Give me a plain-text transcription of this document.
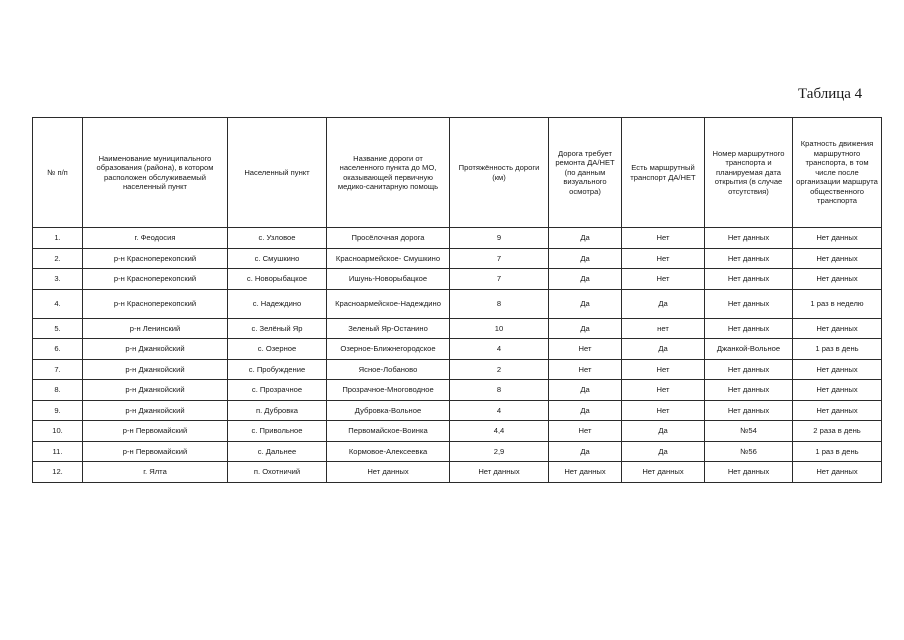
Таблица 4
№ п/п	Наименование муниципального образования (района), в котором расположен обслуживаемый населенный пункт	Населенный пункт	Название дороги от населенного пункта до МО, оказывающей первичную медико-санитарную помощь	Протяжённость дороги (км)	Дорога требует ремонта ДА/НЕТ (по данным визуального осмотра)	Есть маршрутный транспорт ДА/НЕТ	Номер маршрутного транспорта и планируемая дата открытия (в случае отсутствия)	Кратность движения маршрутного транспорта, в том числе после организации маршрута общественного транспорта
1.	г. Феодосия	с. Узловое	Просёлочная дорога	9	Да	Нет	Нет данных	Нет данных
2.	р-н Красноперекопский	с. Смушкино	Красноармейское- Смушкино	7	Да	Нет	Нет данных	Нет данных
3.	р-н Красноперекопский	с. Новорыбацкое	Ишунь-Новорыбацкое	7	Да	Нет	Нет данных	Нет данных
4.	р-н Красноперекопский	с. Надеждино	Красноармейское-Надеждино	8	Да	Да	Нет данных	1 раз в неделю
5.	р-н Ленинский	с. Зелёный Яр	Зеленый Яр-Останино	10	Да	нет	Нет данных	Нет данных
6.	р-н Джанкойский	с. Озерное	Озерное-Ближнегородское	4	Нет	Да	Джанкой-Вольное	1 раз в день
7.	р-н Джанкойский	с. Пробуждение	Ясное-Лобаново	2	Нет	Нет	Нет данных	Нет данных
8.	р-н Джанкойский	с. Прозрачное	Прозрачное-Многоводное	8	Да	Нет	Нет данных	Нет данных
9.	р-н Джанкойский	п. Дубровка	Дубровка-Вольное	4	Да	Нет	Нет данных	Нет данных
10.	р-н Первомайский	с. Привольное	Первомайское-Воинка	4,4	Нет	Да	№54	2 раза в день
11.	р-н Первомайский	с. Дальнее	Кормовое-Алексеевка	2,9	Да	Да	№56	1 раз в день
12.	г. Ялта	п. Охотничий	Нет данных	Нет данных	Нет данных	Нет данных	Нет данных	Нет данных
